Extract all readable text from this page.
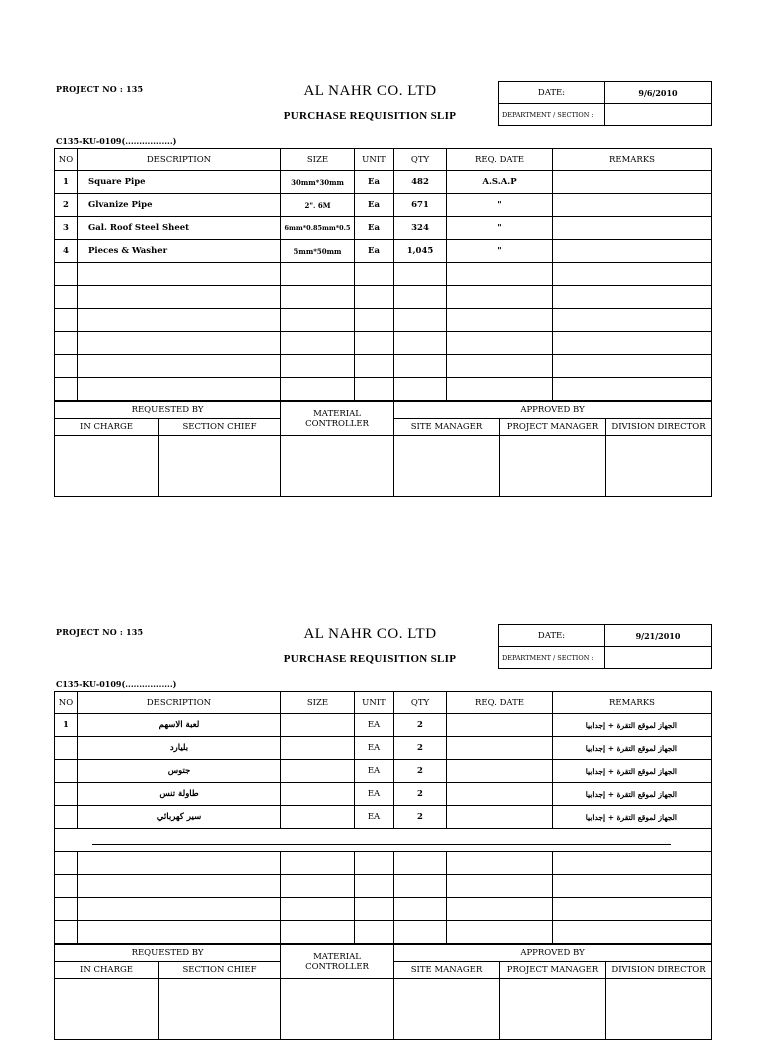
PROJECT NO : 135	AL NAHR CO. LTD
PURCHASE REQUISITION SLIP
DATE:	9/6/2010
DEPARTMENT / SECTION :	
C135-KU-0109(.................)
NO	DESCRIPTION	SIZE	UNIT	QTY	REQ. DATE	REMARKS
1	Square Pipe	30mm*30mm	Ea	482	A.S.A.P	
2	Glvanize Pipe	2". 6M	Ea	671	"	
3	Gal. Roof Steel Sheet	6mm*0.85mm*0.5	Ea	324	"	
4	Pieces & Washer	5mm*50mm	Ea	1,045	"	

REQUESTED BY		MATERIAL CONTROLLER	APPROVED BY		
IN CHARGE	SECTION CHIEF		SITE MANAGER	PROJECT MANAGER	DIVISION DIRECTOR

PROJECT NO : 135	AL NAHR CO. LTD
PURCHASE REQUISITION SLIP
DATE:	9/21/2010
DEPARTMENT / SECTION :	
C135-KU-0109(.................)
NO	DESCRIPTION	SIZE	UNIT	QTY	REQ. DATE	REMARKS
1	لعبة الاسهم		EA	2		الجهاز لموقع التقرة + إجدابيا
	بليارد		EA	2		الجهاز لموقع التقرة + إجدابيا
	جتوس		EA	2		الجهاز لموقع التقرة + إجدابيا
	طاولة تنس		EA	2		الجهاز لموقع التقرة + إجدابيا
	سير كهربائي		EA	2		الجهاز لموقع التقرة + إجدابيا

REQUESTED BY		MATERIAL CONTROLLER	APPROVED BY		
IN CHARGE	SECTION CHIEF		SITE MANAGER	PROJECT MANAGER	DIVISION DIRECTOR
